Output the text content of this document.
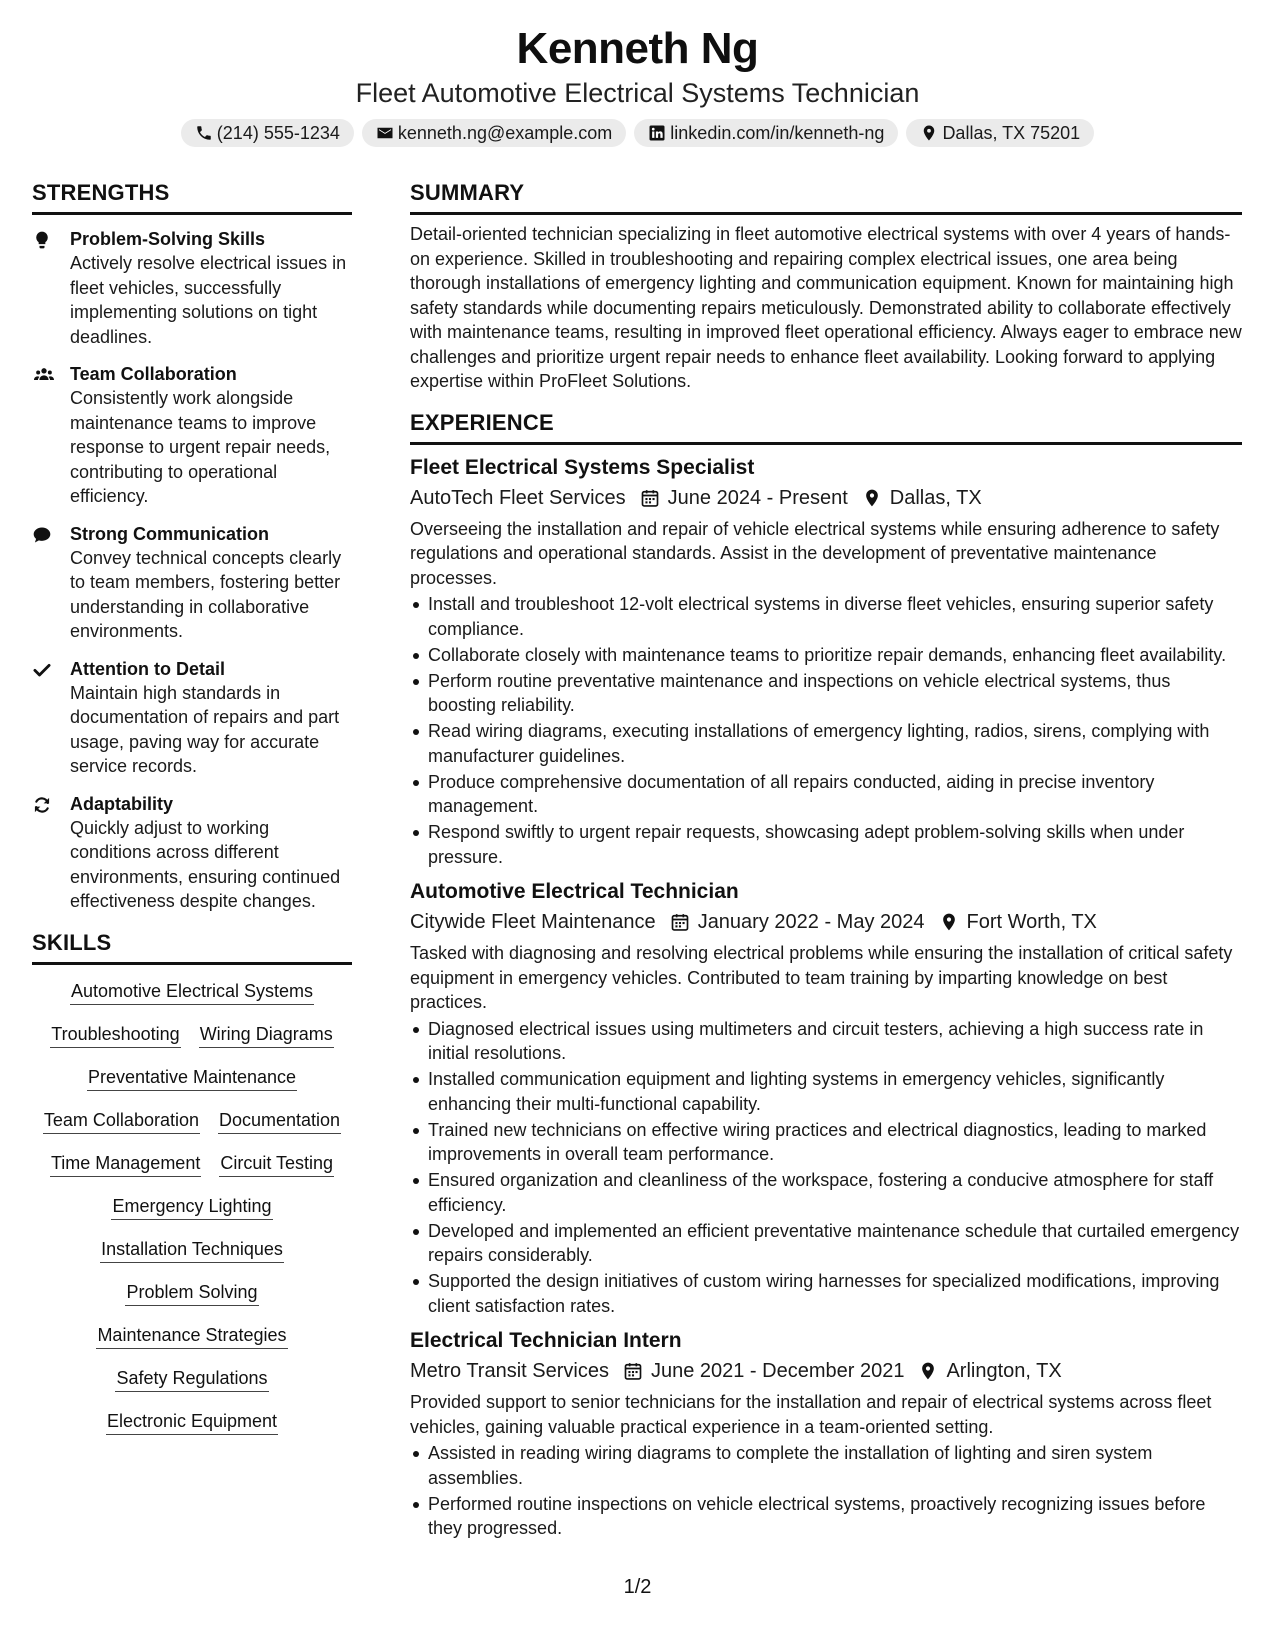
Kenneth Ng
Fleet Automotive Electrical Systems Technician
(214) 555-1234	kenneth.ng@example.com	linkedin.com/in/kenneth-ng	Dallas, TX 75201
STRENGTHS
Problem-Solving Skills
Actively resolve electrical issues in fleet vehicles, successfully implementing solutions on tight deadlines.
Team Collaboration
Consistently work alongside maintenance teams to improve response to urgent repair needs, contributing to operational efficiency.
Strong Communication
Convey technical concepts clearly to team members, fostering better understanding in collaborative environments.
Attention to Detail
Maintain high standards in documentation of repairs and part usage, paving way for accurate service records.
Adaptability
Quickly adjust to working conditions across different environments, ensuring continued effectiveness despite changes.
SKILLS
Automotive Electrical Systems
Troubleshooting Wiring Diagrams
Preventative Maintenance
Team Collaboration Documentation
Time Management Circuit Testing
Emergency Lighting
Installation Techniques
Problem Solving
Maintenance Strategies
Safety Regulations
Electronic Equipment
SUMMARY
Detail-oriented technician specializing in fleet automotive electrical systems with over 4 years of hands-on experience. Skilled in troubleshooting and repairing complex electrical issues, one area being thorough installations of emergency lighting and communication equipment. Known for maintaining high safety standards while documenting repairs meticulously. Demonstrated ability to collaborate effectively with maintenance teams, resulting in improved fleet operational efficiency. Always eager to embrace new challenges and prioritize urgent repair needs to enhance fleet availability. Looking forward to applying expertise within ProFleet Solutions.
EXPERIENCE
Fleet Electrical Systems Specialist
AutoTech Fleet Services June 2024 - Present Dallas, TX
Overseeing the installation and repair of vehicle electrical systems while ensuring adherence to safety regulations and operational standards. Assist in the development of preventative maintenance processes.
Install and troubleshoot 12-volt electrical systems in diverse fleet vehicles, ensuring superior safety compliance.
Collaborate closely with maintenance teams to prioritize repair demands, enhancing fleet availability.
Perform routine preventative maintenance and inspections on vehicle electrical systems, thus boosting reliability.
Read wiring diagrams, executing installations of emergency lighting, radios, sirens, complying with manufacturer guidelines.
Produce comprehensive documentation of all repairs conducted, aiding in precise inventory management.
Respond swiftly to urgent repair requests, showcasing adept problem-solving skills when under pressure.
Automotive Electrical Technician
Citywide Fleet Maintenance January 2022 - May 2024 Fort Worth, TX
Tasked with diagnosing and resolving electrical problems while ensuring the installation of critical safety equipment in emergency vehicles. Contributed to team training by imparting knowledge on best practices.
Diagnosed electrical issues using multimeters and circuit testers, achieving a high success rate in initial resolutions.
Installed communication equipment and lighting systems in emergency vehicles, significantly enhancing their multi-functional capability.
Trained new technicians on effective wiring practices and electrical diagnostics, leading to marked improvements in overall team performance.
Ensured organization and cleanliness of the workspace, fostering a conducive atmosphere for staff efficiency.
Developed and implemented an efficient preventative maintenance schedule that curtailed emergency repairs considerably.
Supported the design initiatives of custom wiring harnesses for specialized modifications, improving client satisfaction rates.
Electrical Technician Intern
Metro Transit Services June 2021 - December 2021 Arlington, TX
Provided support to senior technicians for the installation and repair of electrical systems across fleet vehicles, gaining valuable practical experience in a team-oriented setting.
Assisted in reading wiring diagrams to complete the installation of lighting and siren system assemblies.
Performed routine inspections on vehicle electrical systems, proactively recognizing issues before they progressed.
1/2
